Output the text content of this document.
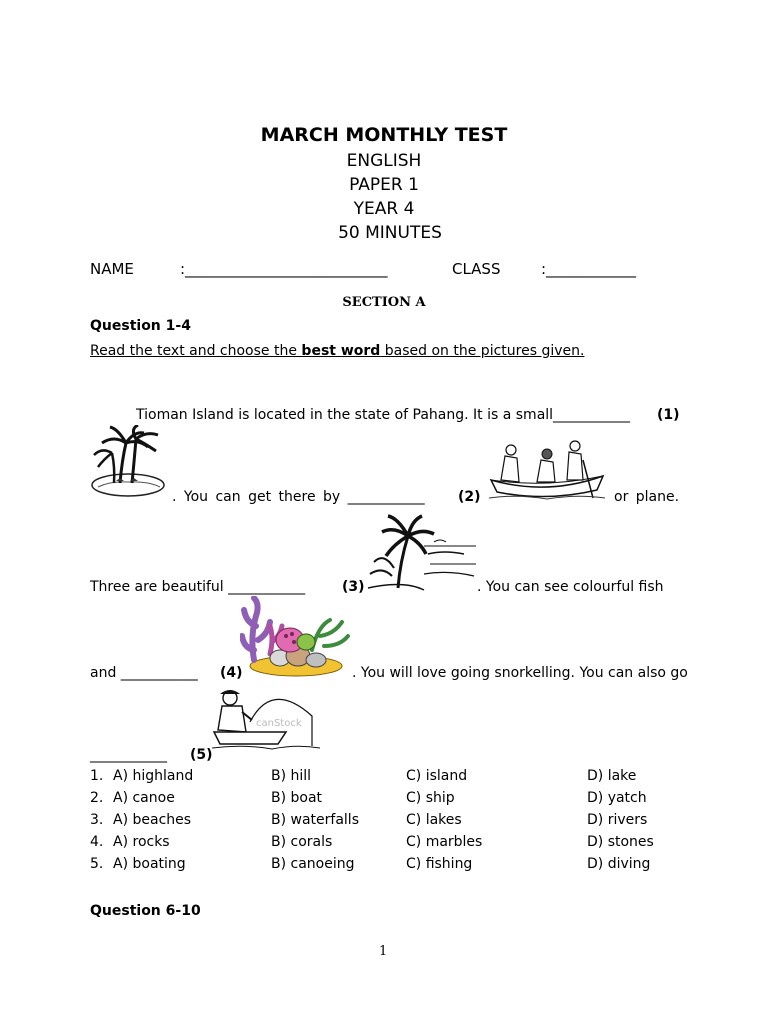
MARCH MONTHLY TEST
ENGLISH
PAPER 1
YEAR 4
50 MINUTES
NAME	:___________________________	CLASS	:____________
SECTION A
Question 1-4
Read the text and choose the best word based on the pictures given.
Tioman Island is located in the state of Pahang. It is a small___________ (1)
. You can get there by ___________ (2)	or plane.
Three are beautiful ___________	(3)	. You can see colourful fish
and ___________ (4)	. You will love going snorkelling. You can also go
canStock
___________ (5)
1. A) highland	B) hill	C) island	D) lake
2. A) canoe	B) boat	C) ship	D) yatch
3. A) beaches	B) waterfalls	C) lakes	D) rivers
4. A) rocks	B) corals	C) marbles	D) stones
5. A) boating	B) canoeing	C) fishing	D) diving
Question 6-10
1
